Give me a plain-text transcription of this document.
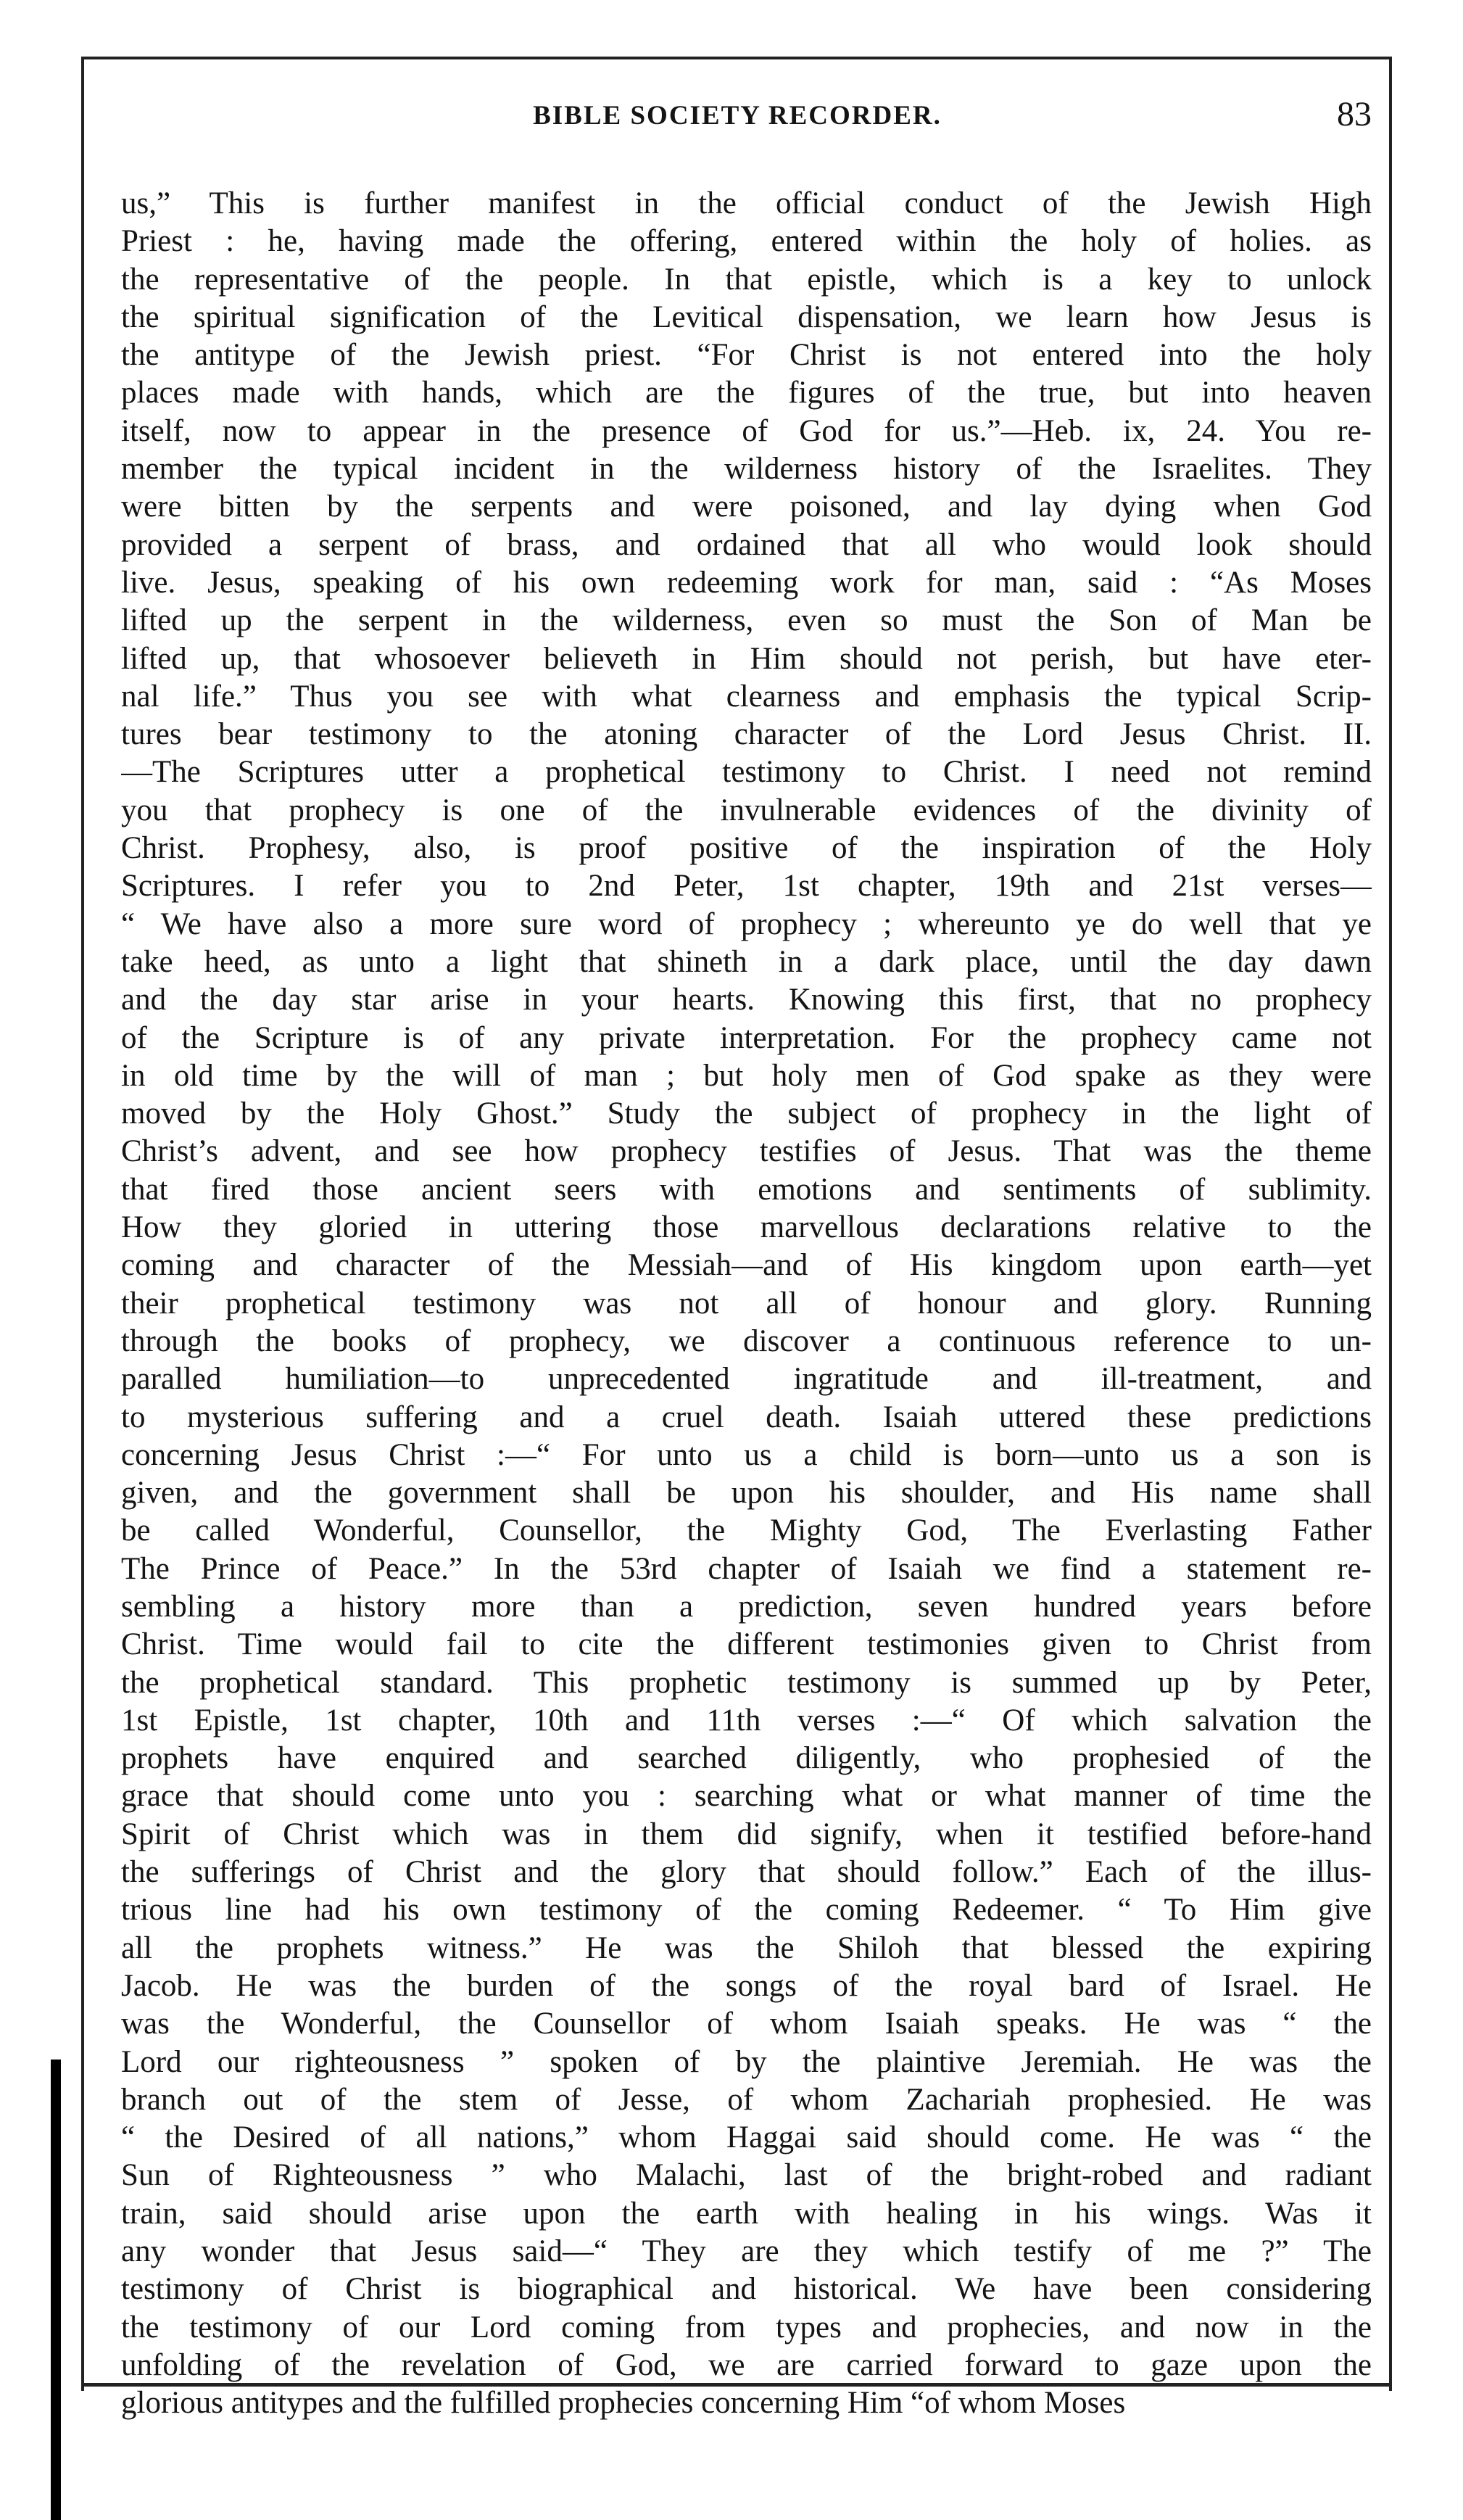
BIBLE SOCIETY RECORDER.	83
us,” This is further manifest in the official conduct of the Jewish High
Priest : he, having made the offering, entered within the holy of holies. as
the representative of the people. In that epistle, which is a key to unlock
the spiritual signification of the Levitical dispensation, we learn how Jesus is
the antitype of the Jewish priest. “For Christ is not entered into the holy
places made with hands, which are the figures of the true, but into heaven
itself, now to appear in the presence of God for us.”—Heb. ix, 24. You re-
member the typical incident in the wilderness history of the Israelites. They
were bitten by the serpents and were poisoned, and lay dying when God
provided a serpent of brass, and ordained that all who would look should
live. Jesus, speaking of his own redeeming work for man, said : “As Moses
lifted up the serpent in the wilderness, even so must the Son of Man be
lifted up, that whosoever believeth in Him should not perish, but have eter-
nal life.” Thus you see with what clearness and emphasis the typical Scrip-
tures bear testimony to the atoning character of the Lord Jesus Christ. II.
—The Scriptures utter a prophetical testimony to Christ. I need not remind
you that prophecy is one of the invulnerable evidences of the divinity of
Christ. Prophesy, also, is proof positive of the inspiration of the Holy
Scriptures. I refer you to 2nd Peter, 1st chapter, 19th and 21st verses—
“ We have also a more sure word of prophecy ; whereunto ye do well that ye
take heed, as unto a light that shineth in a dark place, until the day dawn
and the day star arise in your hearts. Knowing this first, that no prophecy
of the Scripture is of any private interpretation. For the prophecy came not
in old time by the will of man ; but holy men of God spake as they were
moved by the Holy Ghost.” Study the subject of prophecy in the light of
Christ’s advent, and see how prophecy testifies of Jesus. That was the theme
that fired those ancient seers with emotions and sentiments of sublimity.
How they gloried in uttering those marvellous declarations relative to the
coming and character of the Messiah—and of His kingdom upon earth—yet
their prophetical testimony was not all of honour and glory. Running
through the books of prophecy, we discover a continuous reference to un-
paralled humiliation—to unprecedented ingratitude and ill-treatment, and
to mysterious suffering and a cruel death. Isaiah uttered these predictions
concerning Jesus Christ :—“ For unto us a child is born—unto us a son is
given, and the government shall be upon his shoulder, and His name shall
be called Wonderful, Counsellor, the Mighty God, The Everlasting Father
The Prince of Peace.” In the 53rd chapter of Isaiah we find a statement re-
sembling a history more than a prediction, seven hundred years before
Christ. Time would fail to cite the different testimonies given to Christ from
the prophetical standard. This prophetic testimony is summed up by Peter,
1st Epistle, 1st chapter, 10th and 11th verses :—“ Of which salvation the
prophets have enquired and searched diligently, who prophesied of the
grace that should come unto you : searching what or what manner of time the
Spirit of Christ which was in them did signify, when it testified before-hand
the sufferings of Christ and the glory that should follow.” Each of the illus-
trious line had his own testimony of the coming Redeemer. “ To Him give
all the prophets witness.” He was the Shiloh that blessed the expiring
Jacob. He was the burden of the songs of the royal bard of Israel. He
was the Wonderful, the Counsellor of whom Isaiah speaks. He was “ the
Lord our righteousness ” spoken of by the plaintive Jeremiah. He was the
branch out of the stem of Jesse, of whom Zachariah prophesied. He was
“ the Desired of all nations,” whom Haggai said should come. He was “ the
Sun of Righteousness ” who Malachi, last of the bright-robed and radiant
train, said should arise upon the earth with healing in his wings. Was it
any wonder that Jesus said—“ They are they which testify of me ?” The
testimony of Christ is biographical and historical. We have been considering
the testimony of our Lord coming from types and prophecies, and now in the
unfolding of the revelation of God, we are carried forward to gaze upon the
glorious antitypes and the fulfilled prophecies concerning Him “of whom Moses
